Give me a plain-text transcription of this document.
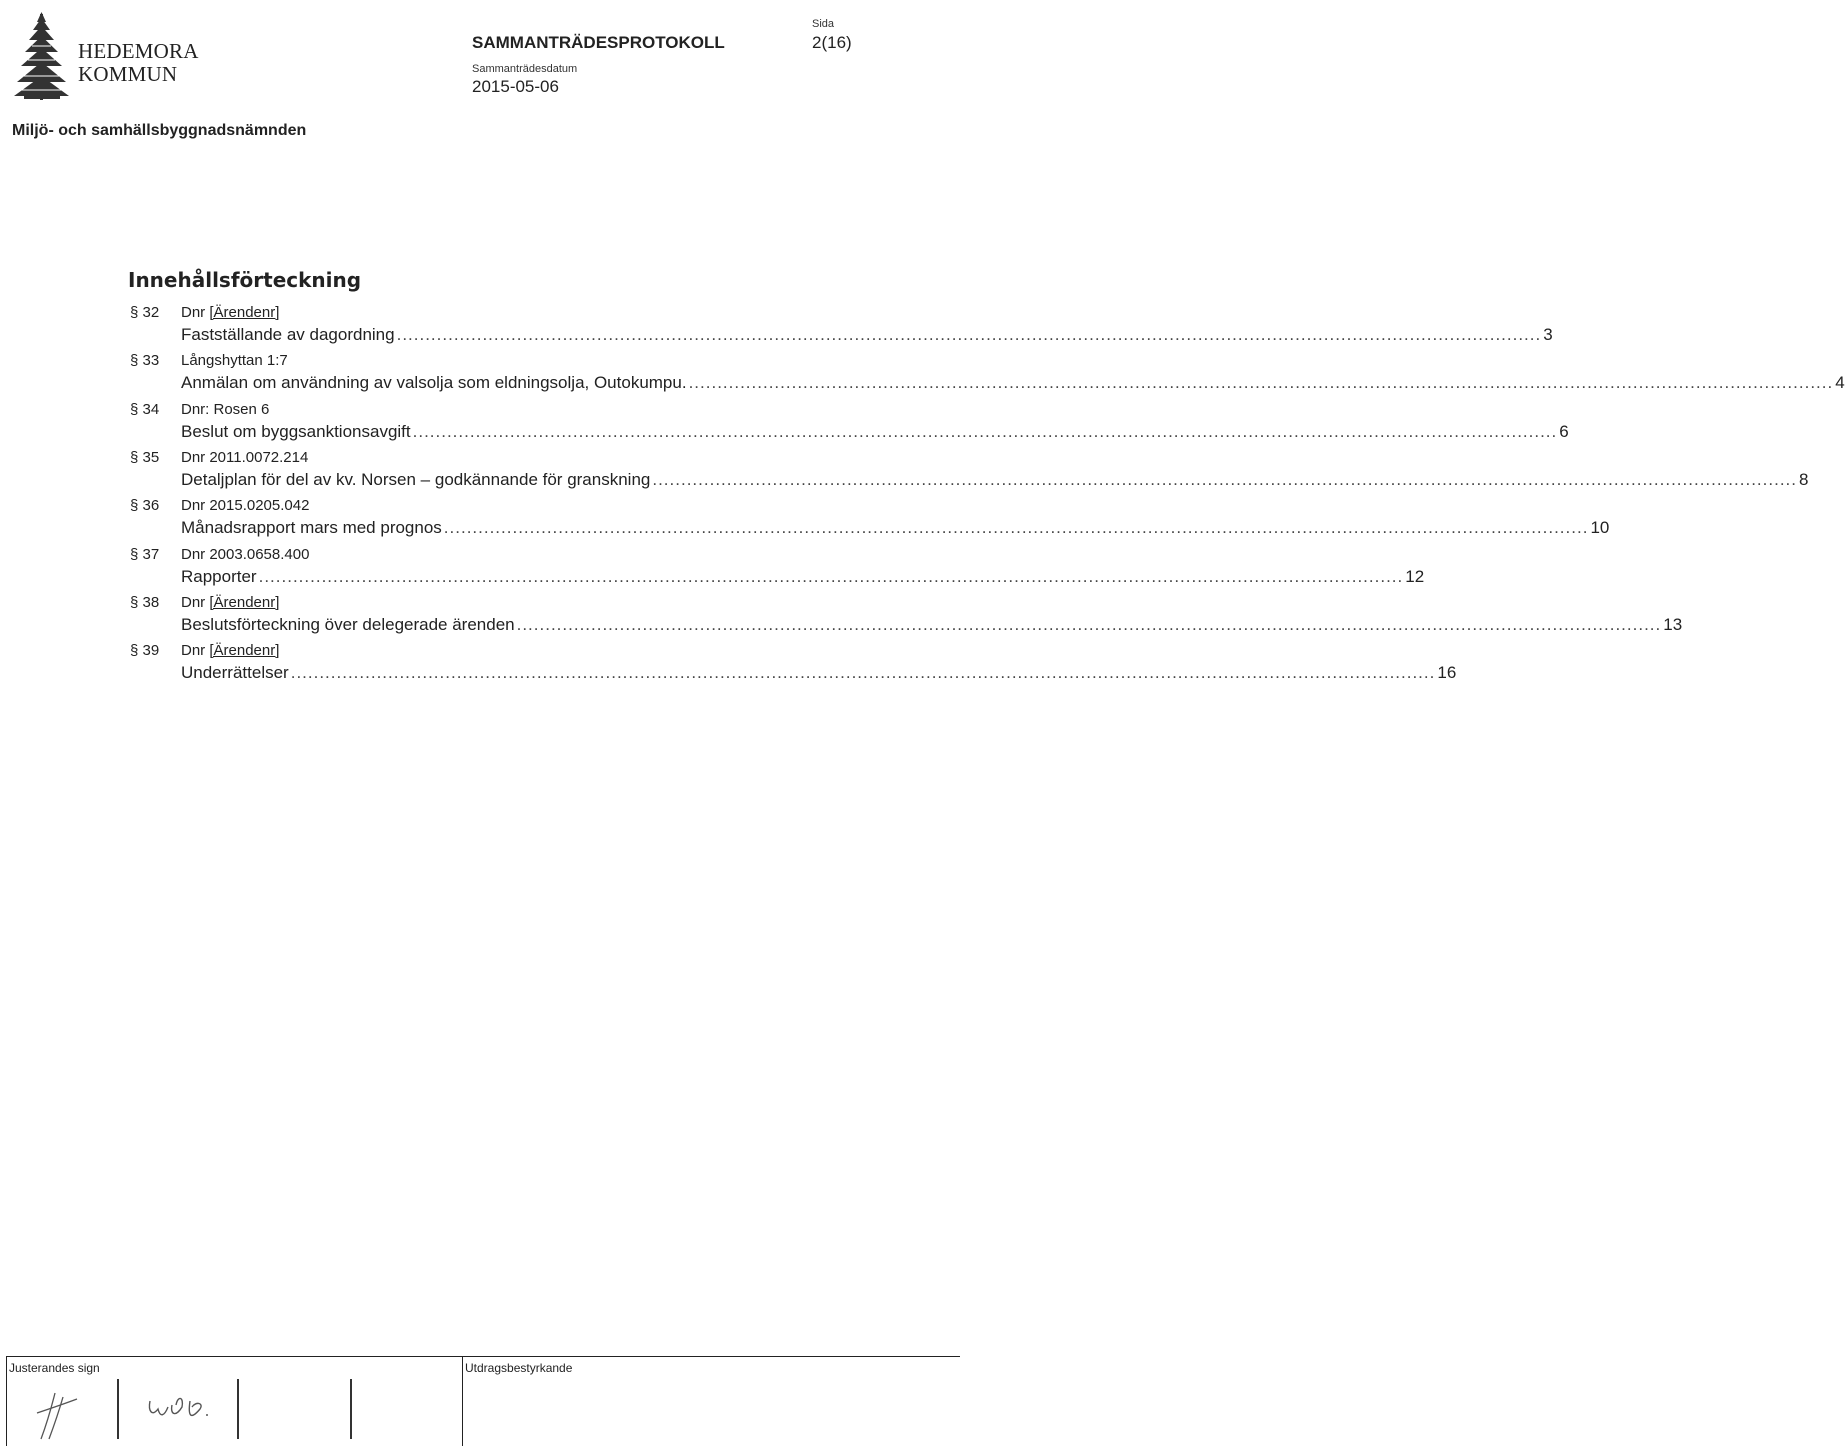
HEDEMORA
KOMMUN
SAMMANTRÄDESPROTOKOLL
Sida
2(16)
Sammanträdesdatum
2015-05-06
Miljö- och samhällsbyggnadsnämnden
Innehållsförteckning
§ 32 Dnr [Ärendenr]
Fastställande av dagordning ........................................................................................................................................................................................................ 3
§ 33 Långshyttan 1:7
Anmälan om användning av valsolja som eldningsolja, Outokumpu. ........................................................................................................................................................................................................ 4
§ 34 Dnr: Rosen 6
Beslut om byggsanktionsavgift ........................................................................................................................................................................................................ 6
§ 35 Dnr 2011.0072.214
Detaljplan för del av kv. Norsen – godkännande för granskning ........................................................................................................................................................................................................ 8
§ 36 Dnr 2015.0205.042
Månadsrapport mars med prognos ........................................................................................................................................................................................................ 10
§ 37 Dnr 2003.0658.400
Rapporter ........................................................................................................................................................................................................ 12
§ 38 Dnr [Ärendenr]
Beslutsförteckning över delegerade ärenden ........................................................................................................................................................................................................ 13
§ 39 Dnr [Ärendenr]
Underrättelser ........................................................................................................................................................................................................ 16
Justerandes sign	Utdragsbestyrkande
